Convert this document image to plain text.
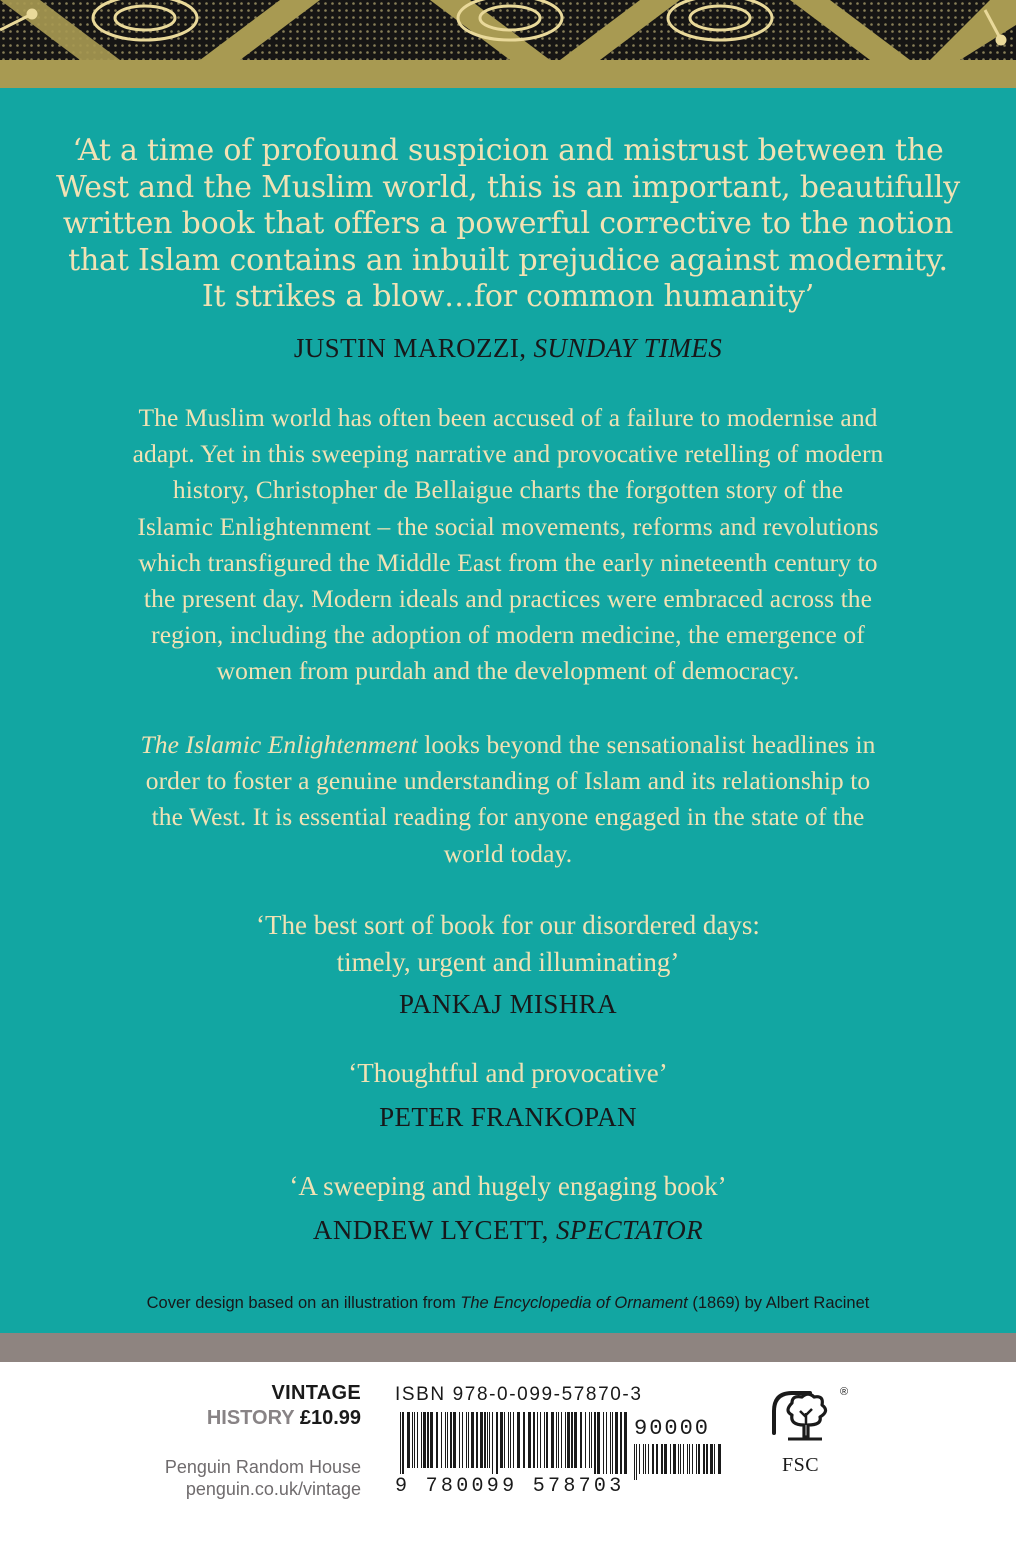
‘At a time of profound suspicion and mistrust between the
West and the Muslim world, this is an important, beautifully
written book that offers a powerful corrective to the notion
that Islam contains an inbuilt prejudice against modernity.
It strikes a blow…for common humanity’
JUSTIN MAROZZI, SUNDAY TIMES
The Muslim world has often been accused of a failure to modernise and
adapt. Yet in this sweeping narrative and provocative retelling of modern
history, Christopher de Bellaigue charts the forgotten story of the
Islamic Enlightenment – the social movements, reforms and revolutions
which transfigured the Middle East from the early nineteenth century to
the present day. Modern ideals and practices were embraced across the
region, including the adoption of modern medicine, the emergence of
women from purdah and the development of democracy.
The Islamic Enlightenment looks beyond the sensationalist headlines in
order to foster a genuine understanding of Islam and its relationship to
the West. It is essential reading for anyone engaged in the state of the
world today.
‘The best sort of book for our disordered days:
timely, urgent and illuminating’
PANKAJ MISHRA
‘Thoughtful and provocative’
PETER FRANKOPAN
‘A sweeping and hugely engaging book’
ANDREW LYCETT, SPECTATOR
Cover design based on an illustration from The Encyclopedia of Ornament (1869) by Albert Racinet
VINTAGE
HISTORY £10.99
Penguin Random House
penguin.co.uk/vintage
ISBN 978-0-099-57870-3
90000
9 780099 578703
®
FSC
